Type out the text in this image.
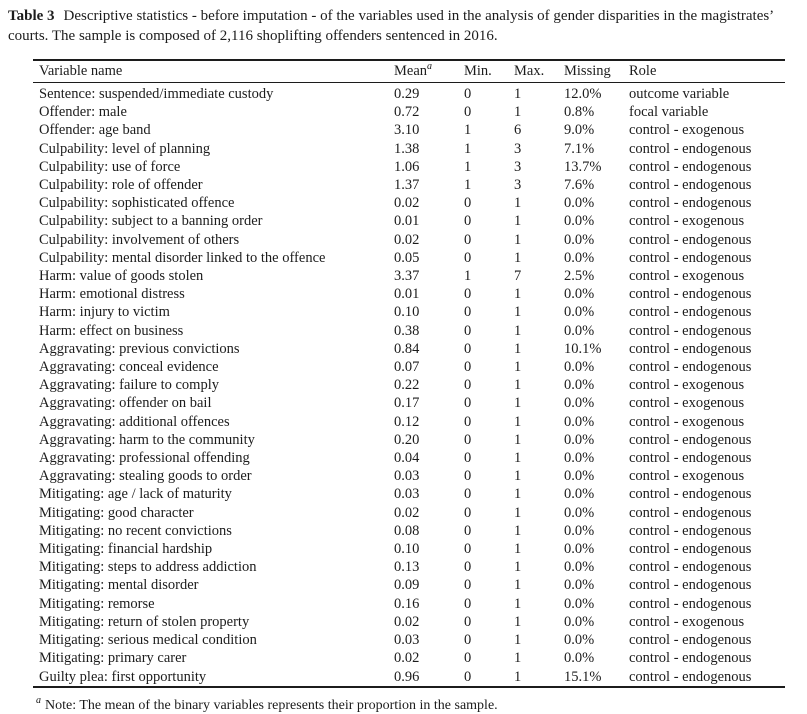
Table 3 Descriptive statistics - before imputation - of the variables used in the analysis of gender disparities in the magistrates’ courts. The sample is composed of 2,116 shoplifting offenders sentenced in 2016.

Variable name	Mean$^a$	Min.	Max.	Missing	Role
Sentence: suspended/immediate custody	0.29	0	1	12.0%	outcome variable
Offender: male	0.72	0	1	0.8%	focal variable
Offender: age band	3.10	1	6	9.0%	control - exogenous
Culpability: level of planning	1.38	1	3	7.1%	control - endogenous
Culpability: use of force	1.06	1	3	13.7%	control - endogenous
Culpability: role of offender	1.37	1	3	7.6%	control - endogenous
Culpability: sophisticated offence	0.02	0	1	0.0%	control - endogenous
Culpability: subject to a banning order	0.01	0	1	0.0%	control - exogenous
Culpability: involvement of others	0.02	0	1	0.0%	control - endogenous
Culpability: mental disorder linked to the offence	0.05	0	1	0.0%	control - endogenous
Harm: value of goods stolen	3.37	1	7	2.5%	control - exogenous
Harm: emotional distress	0.01	0	1	0.0%	control - endogenous
Harm: injury to victim	0.10	0	1	0.0%	control - endogenous
Harm: effect on business	0.38	0	1	0.0%	control - endogenous
Aggravating: previous convictions	0.84	0	1	10.1%	control - endogenous
Aggravating: conceal evidence	0.07	0	1	0.0%	control - endogenous
Aggravating: failure to comply	0.22	0	1	0.0%	control - exogenous
Aggravating: offender on bail	0.17	0	1	0.0%	control - exogenous
Aggravating: additional offences	0.12	0	1	0.0%	control - exogenous
Aggravating: harm to the community	0.20	0	1	0.0%	control - endogenous
Aggravating: professional offending	0.04	0	1	0.0%	control - endogenous
Aggravating: stealing goods to order	0.03	0	1	0.0%	control - exogenous
Mitigating: age / lack of maturity	0.03	0	1	0.0%	control - endogenous
Mitigating: good character	0.02	0	1	0.0%	control - endogenous
Mitigating: no recent convictions	0.08	0	1	0.0%	control - endogenous
Mitigating: financial hardship	0.10	0	1	0.0%	control - endogenous
Mitigating: steps to address addiction	0.13	0	1	0.0%	control - endogenous
Mitigating: mental disorder	0.09	0	1	0.0%	control - endogenous
Mitigating: remorse	0.16	0	1	0.0%	control - endogenous
Mitigating: return of stolen property	0.02	0	1	0.0%	control - exogenous
Mitigating: serious medical condition	0.03	0	1	0.0%	control - endogenous
Mitigating: primary carer	0.02	0	1	0.0%	control - endogenous
Guilty plea: first opportunity	0.96	0	1	15.1%	control - endogenous

$^a$ Note: The mean of the binary variables represents their proportion in the sample.
